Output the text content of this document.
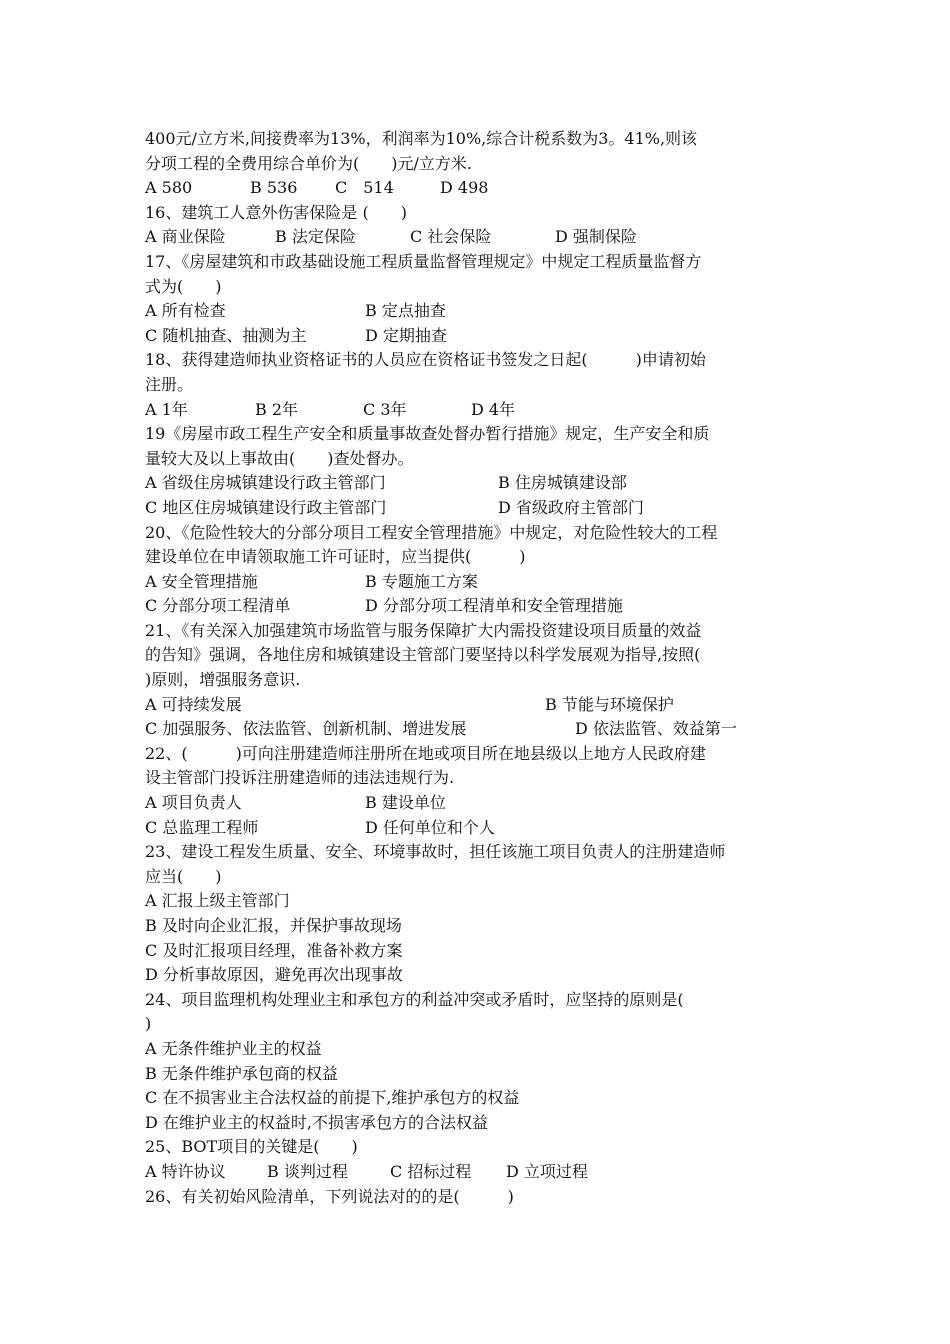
400元/立方米,间接费率为13%，利润率为10%,综合计税系数为3。41%,则该
分项工程的全费用综合单价为(　　)元/立方米.
A 580	B 536 C　514	D 498
16、建筑工人意外伤害保险是 (　　)
A 商业保险	B 法定保险	C 社会保险	D 强制保险
17、《房屋建筑和市政基础设施工程质量监督管理规定》中规定工程质量监督方
式为(　　)
A 所有检查	B 定点抽查
C 随机抽查、抽测为主	D 定期抽查
18、获得建造师执业资格证书的人员应在资格证书签发之日起(　　　)申请初始
注册。
A 1年	B 2年	C 3年	D 4年
19《房屋市政工程生产安全和质量事故查处督办暂行措施》规定，生产安全和质
量较大及以上事故由(　　)查处督办。
A 省级住房城镇建设行政主管部门	B 住房城镇建设部
C 地区住房城镇建设行政主管部门	D 省级政府主管部门
20、《危险性较大的分部分项目工程安全管理措施》中规定，对危险性较大的工程
建设单位在申请领取施工许可证时，应当提供(　　　)
A 安全管理措施	B 专题施工方案
C 分部分项工程清单	D 分部分项工程清单和安全管理措施
21、《有关深入加强建筑市场监管与服务保障扩大内需投资建设项目质量的效益
的告知》强调，各地住房和城镇建设主管部门要坚持以科学发展观为指导,按照(
)原则，增强服务意识.
A 可持续发展	B 节能与环境保护
C 加强服务、依法监管、创新机制、增进发展	D 依法监管、效益第一
22、(　　　)可向注册建造师注册所在地或项目所在地县级以上地方人民政府建
设主管部门投诉注册建造师的违法违规行为.
A 项目负责人	B 建设单位
C 总监理工程师	D 任何单位和个人
23、建设工程发生质量、安全、环境事故时，担任该施工项目负责人的注册建造师
应当(　　)
A 汇报上级主管部门
B 及时向企业汇报，并保护事故现场
C 及时汇报项目经理，准备补救方案
D 分析事故原因，避免再次出现事故
24、项目监理机构处理业主和承包方的利益冲突或矛盾时，应坚持的原则是(
)
A 无条件维护业主的权益
B 无条件维护承包商的权益
C 在不损害业主合法权益的前提下,维护承包方的权益
D 在维护业主的权益时,不损害承包方的合法权益
25、BOT项目的关键是(　　)
A 特许协议	B 谈判过程	C 招标过程 D 立项过程
26、有关初始风险清单，下列说法对的的是(　　　)
